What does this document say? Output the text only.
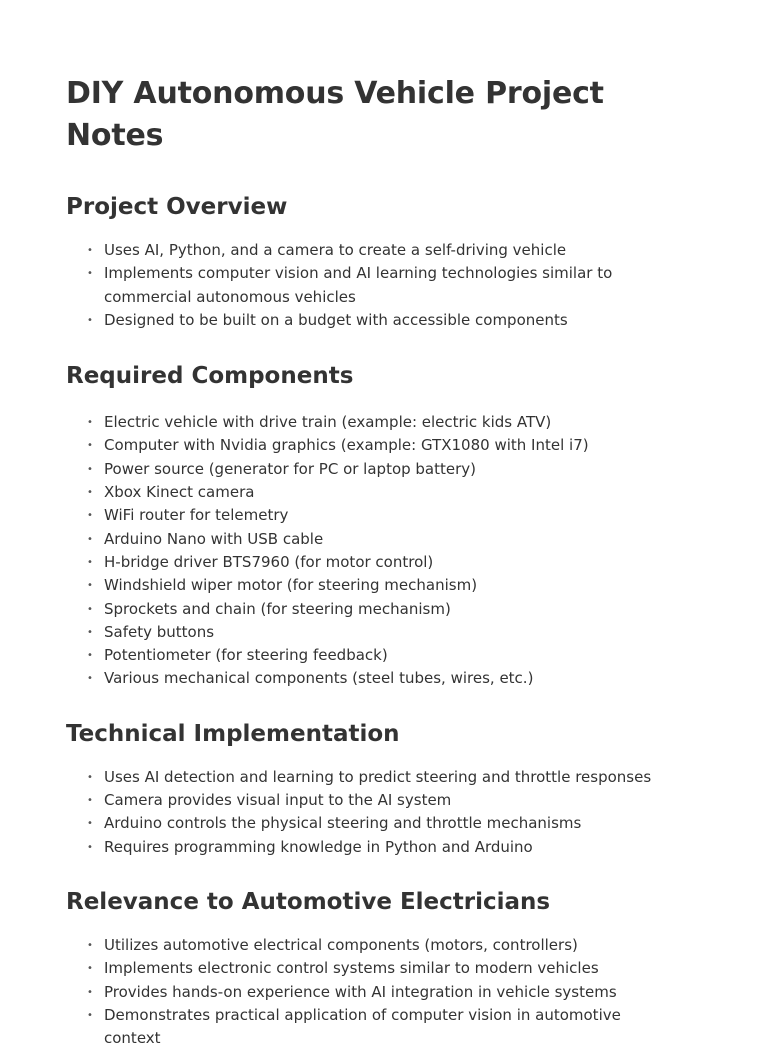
DIY Autonomous Vehicle Project Notes
Project Overview
• Uses AI, Python, and a camera to create a self-driving vehicle
• Implements computer vision and AI learning technologies similar to commercial autonomous vehicles
• Designed to be built on a budget with accessible components
Required Components
• Electric vehicle with drive train (example: electric kids ATV)
• Computer with Nvidia graphics (example: GTX1080 with Intel i7)
• Power source (generator for PC or laptop battery)
• Xbox Kinect camera
• WiFi router for telemetry
• Arduino Nano with USB cable
• H-bridge driver BTS7960 (for motor control)
• Windshield wiper motor (for steering mechanism)
• Sprockets and chain (for steering mechanism)
• Safety buttons
• Potentiometer (for steering feedback)
• Various mechanical components (steel tubes, wires, etc.)
Technical Implementation
• Uses AI detection and learning to predict steering and throttle responses
• Camera provides visual input to the AI system
• Arduino controls the physical steering and throttle mechanisms
• Requires programming knowledge in Python and Arduino
Relevance to Automotive Electricians
• Utilizes automotive electrical components (motors, controllers)
• Implements electronic control systems similar to modern vehicles
• Provides hands-on experience with AI integration in vehicle systems
• Demonstrates practical application of computer vision in automotive context
